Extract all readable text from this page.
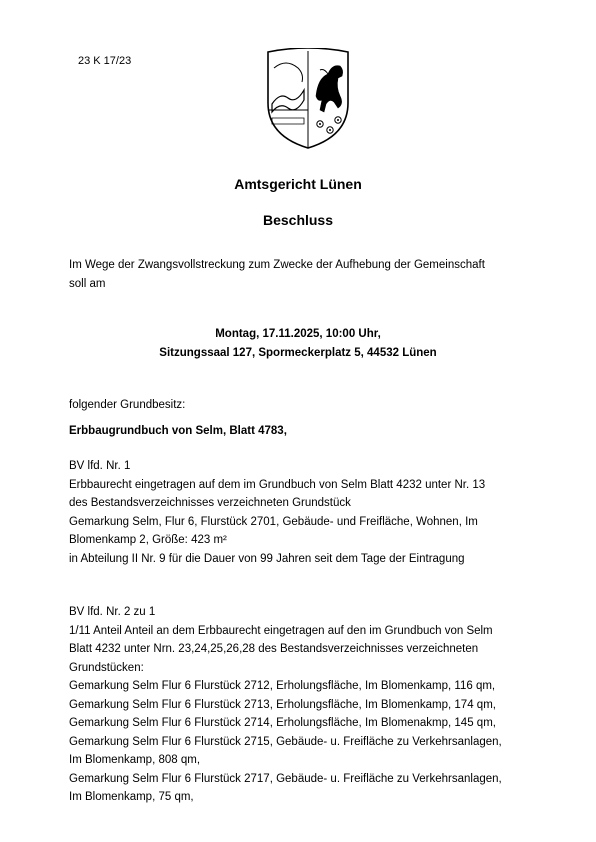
23 K 17/23
Amtsgericht Lünen
Beschluss
Im Wege der Zwangsvollstreckung zum Zwecke der Aufhebung der Gemeinschaft
soll am
Montag, 17.11.2025, 10:00 Uhr,
Sitzungssaal 127, Spormeckerplatz 5, 44532 Lünen
folgender Grundbesitz:
Erbbaugrundbuch von Selm, Blatt 4783,
BV lfd. Nr. 1
Erbbaurecht eingetragen auf dem im Grundbuch von Selm Blatt 4232 unter Nr. 13
des Bestandsverzeichnisses verzeichneten Grundstück
Gemarkung Selm, Flur 6, Flurstück 2701, Gebäude- und Freifläche, Wohnen, Im
Blomenkamp 2, Größe: 423 m²
in Abteilung II Nr. 9 für die Dauer von 99 Jahren seit dem Tage der Eintragung
BV lfd. Nr. 2 zu 1
1/11 Anteil Anteil an dem Erbbaurecht eingetragen auf den im Grundbuch von Selm
Blatt 4232 unter Nrn. 23,24,25,26,28 des Bestandsverzeichnisses verzeichneten
Grundstücken:
Gemarkung Selm Flur 6 Flurstück 2712, Erholungsfläche, Im Blomenkamp, 116 qm,
Gemarkung Selm Flur 6 Flurstück 2713, Erholungsfläche, Im Blomenkamp, 174 qm,
Gemarkung Selm Flur 6 Flurstück 2714, Erholungsfläche, Im Blomenakmp, 145 qm,
Gemarkung Selm Flur 6 Flurstück 2715, Gebäude- u. Freifläche zu Verkehrsanlagen,
Im Blomenkamp, 808 qm,
Gemarkung Selm Flur 6 Flurstück 2717, Gebäude- u. Freifläche zu Verkehrsanlagen,
Im Blomenkamp, 75 qm,
